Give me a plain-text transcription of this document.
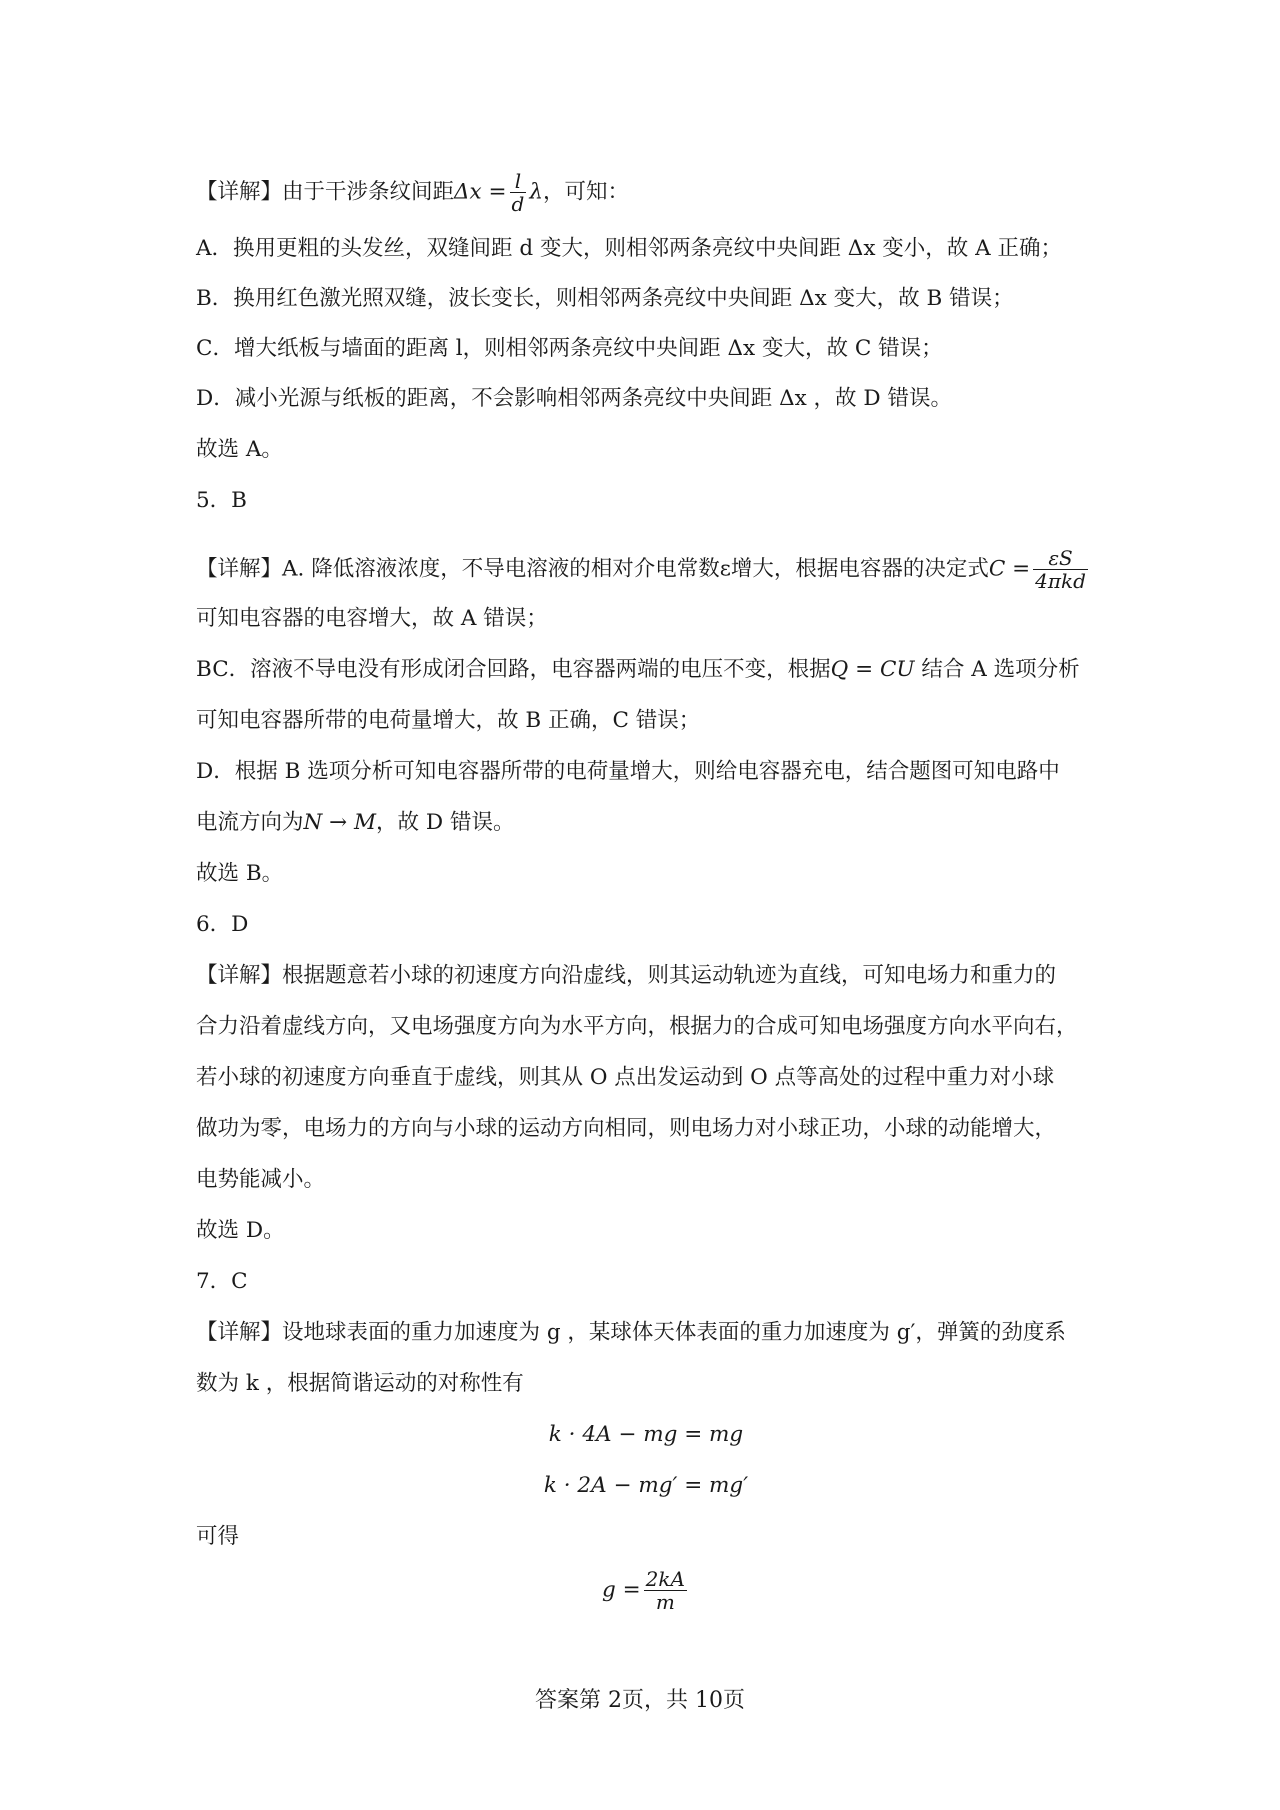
【详解】由于干涉条纹间距$\Delta x = \frac{l}{d}$ λ，可知：
A．换用更粗的头发丝，双缝间距 d 变大，则相邻两条亮纹中央间距 Δx 变小，故 A 正确；
B．换用红色激光照双缝，波长变长，则相邻两条亮纹中央间距 Δx 变大，故 B 错误；
C．增大纸板与墙面的距离 l，则相邻两条亮纹中央间距 Δx 变大，故 C 错误；
D．减小光源与纸板的距离，不会影响相邻两条亮纹中央间距 Δx ，故 D 错误。
故选 A。
5．B
【详解】A. 降低溶液浓度，不导电溶液的相对介电常数ε增大，根据电容器的决定式$C = \frac{\varepsilon S}{\text{4πkd}}$
可知电容器的电容增大，故 A 错误；
BC．溶液不导电没有形成闭合回路，电容器两端的电压不变，根据Q = CU 结合 A 选项分析
可知电容器所带的电荷量增大，故 B 正确，C 错误；
D．根据 B 选项分析可知电容器所带的电荷量增大，则给电容器充电，结合题图可知电路中
电流方向为N → M，故 D 错误。
故选 B。
6．D
【详解】根据题意若小球的初速度方向沿虚线，则其运动轨迹为直线，可知电场力和重力的
合力沿着虚线方向，又电场强度方向为水平方向，根据力的合成可知电场强度方向水平向右，
若小球的初速度方向垂直于虚线，则其从 O 点出发运动到 O 点等高处的过程中重力对小球
做功为零，电场力的方向与小球的运动方向相同，则电场力对小球正功，小球的动能增大，
电势能减小。
故选 D。
7．C
【详解】设地球表面的重力加速度为 g ，某球体天体表面的重力加速度为 g′，弹簧的劲度系
数为 k ，根据简谐运动的对称性有
k · 4A − mg = mg
k · 2A − mg′ = mg′
可得
$g = \frac{2kA}{m}$
答案第 2页，共 10页
